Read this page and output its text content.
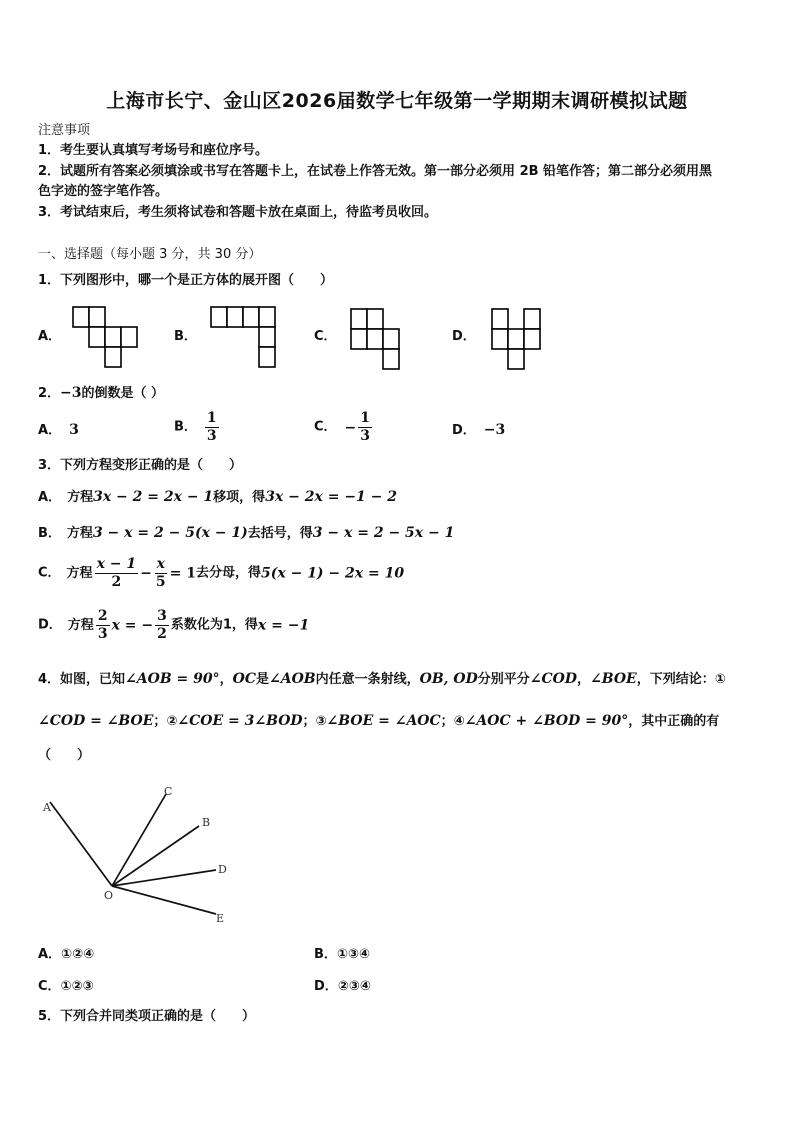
上海市长宁、金山区2026届数学七年级第一学期期末调研模拟试题
注意事项
1．考生要认真填写考场号和座位序号。
2．试题所有答案必须填涂或书写在答题卡上，在试卷上作答无效。第一部分必须用 2B 铅笔作答；第二部分必须用黑
色字迹的签字笔作答。
3．考试结束后，考生须将试卷和答题卡放在桌面上，待监考员收回。
一、选择题（每小题 3 分，共 30 分）
1．下列图形中，哪一个是正方体的展开图（　　）
A．	B．	C．	D．
2．−3的倒数是（ ）
A． 3	B． $\frac{1}{3}$	C． − $\frac{1}{3}$	D． −3
3．下列方程变形正确的是（　　）
A． 方程3x − 2 = 2x − 1移项，得3x − 2x = −1 − 2
B． 方程3 − x = 2 − 5(x − 1)去括号，得3 − x = 2 − 5x − 1
C． 方程 $\frac{x - 1}{2} - \frac{x}{5} = 1$去分母，得5(x − 1) − 2x = 10
D． 方程 $\frac{2}{3}$ x = − $\frac{3}{2}$ 系数化为1，得x = −1
4．如图，已知∠AOB = 90°，OC是∠AOB内任意一条射线，OB, OD分别平分∠COD，∠BOE，下列结论：①
∠COD = ∠BOE；②∠COE = 3∠BOD；③∠BOE = ∠AOC；④∠AOC + ∠BOD = 90°，其中正确的有
（　　）
A
C
B
D
O
E
A．①②④	B．①③④
C．①②③	D．②③④
5．下列合并同类项正确的是（　　）
